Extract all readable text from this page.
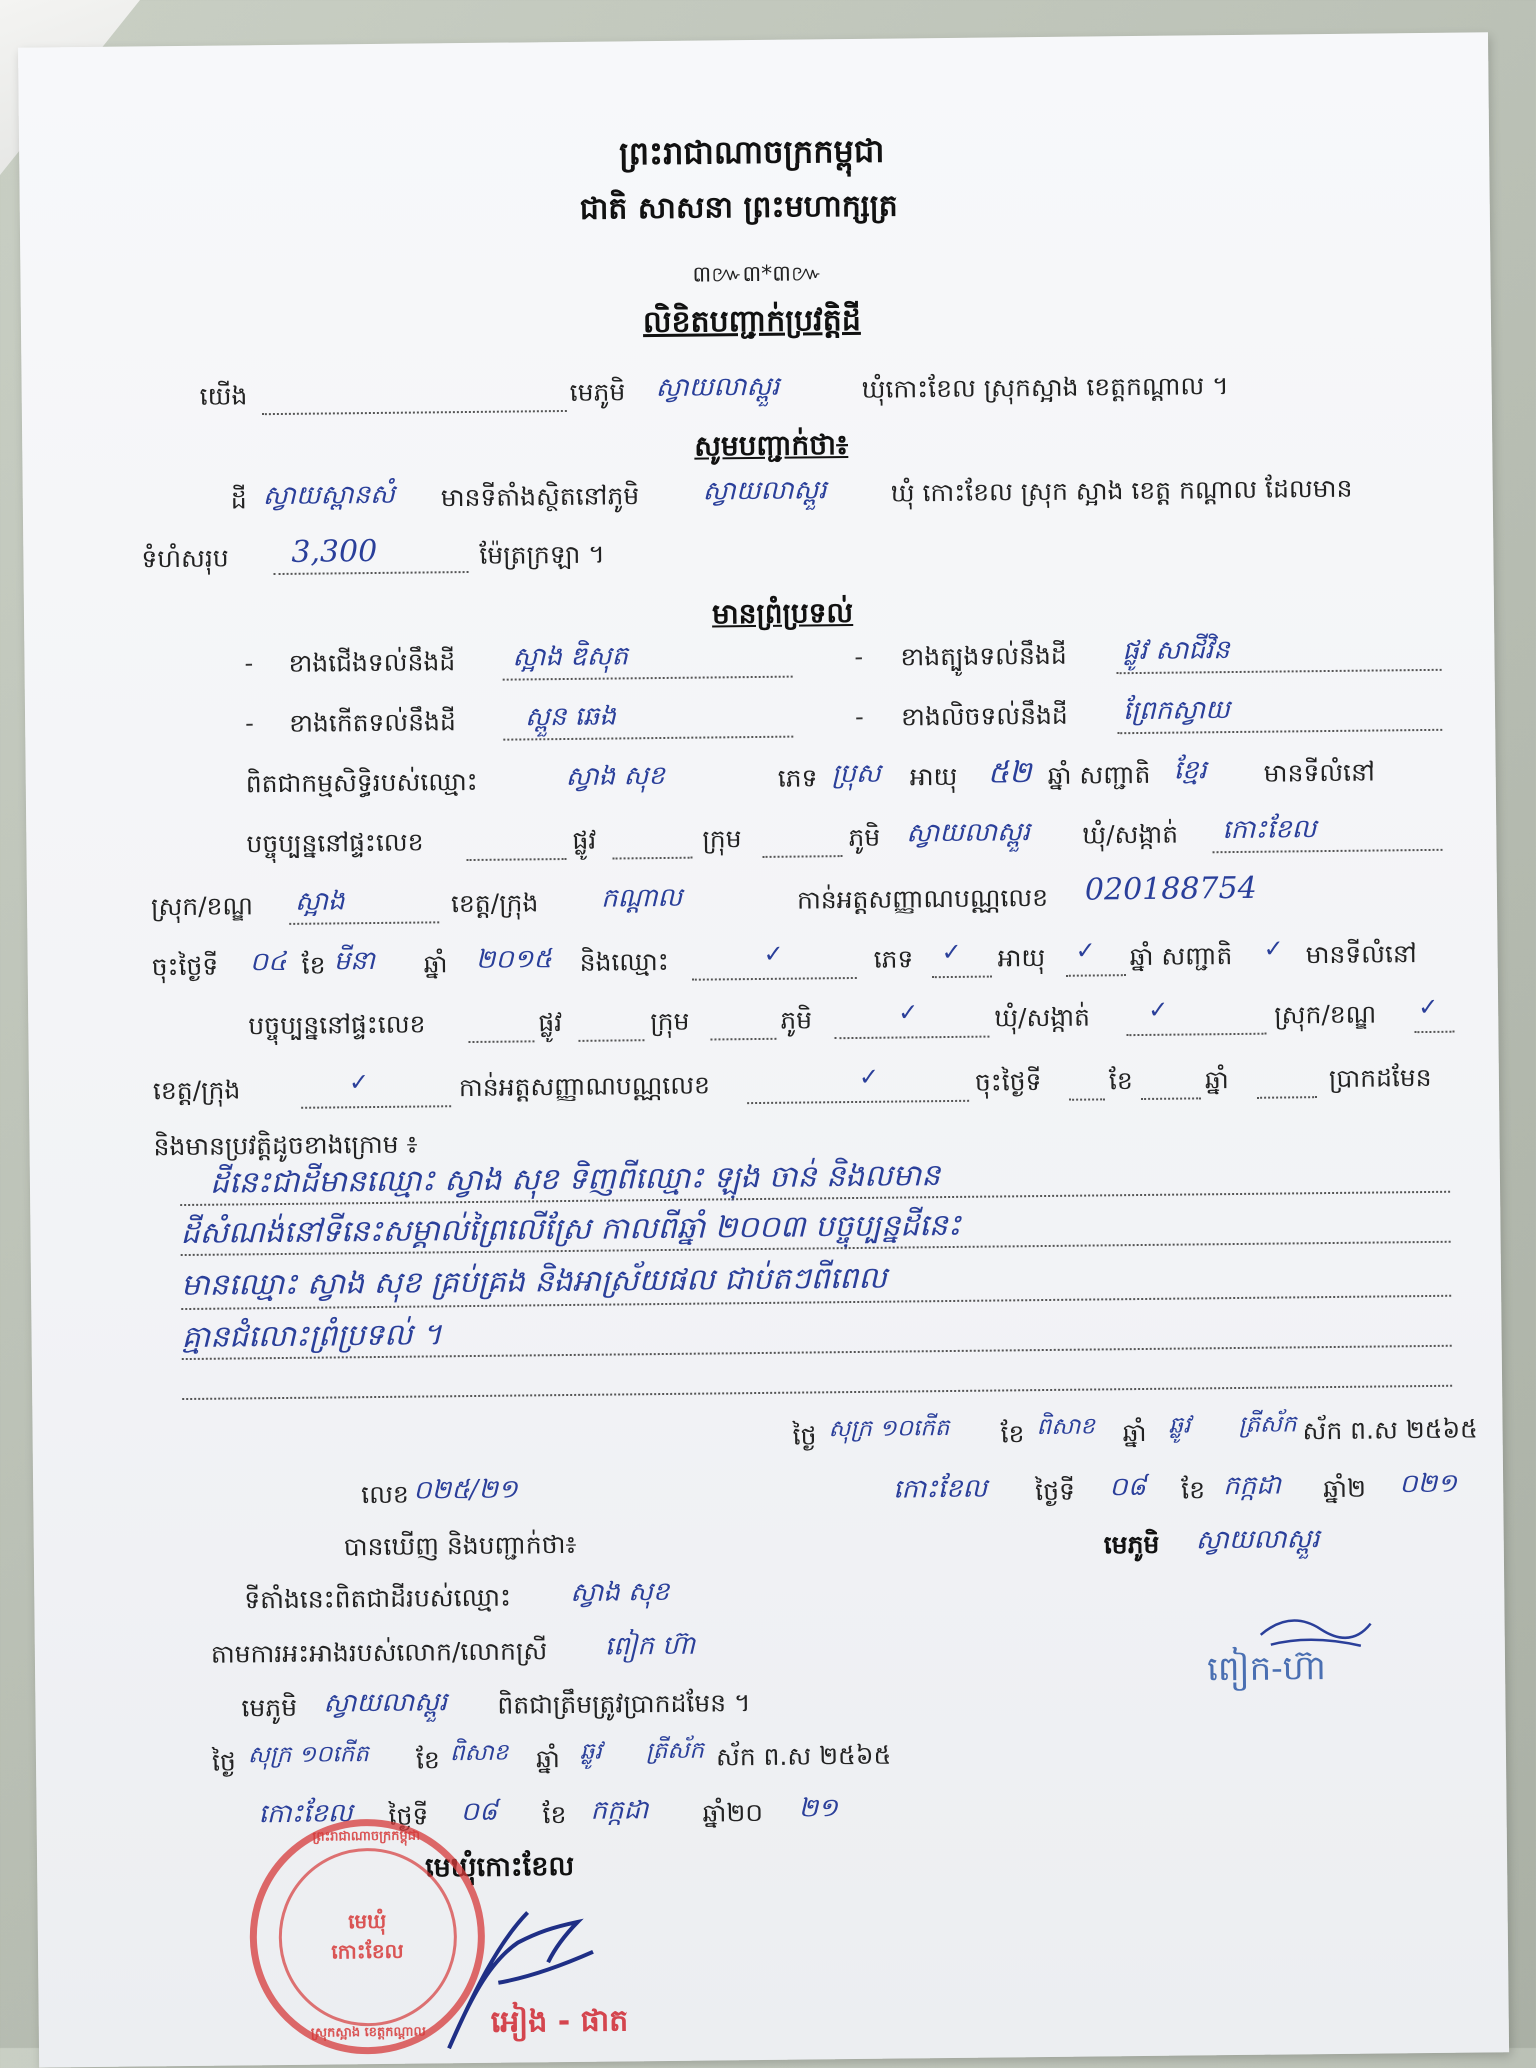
ព្រះរាជាណាចក្រកម្ពុជា
ជាតិ សាសនា ព្រះមហាក្សត្រ
៣៚៣*៣៚
លិខិតបញ្ជាក់ប្រវត្តិដី
យើង	មេភូមិ ស្វាយលាស្ពួរ	ឃុំកោះខែល ស្រុកស្អាង ខេត្តកណ្ដាល ។
សូមបញ្ជាក់ថា៖
ដី ស្វាយស្ពានសំ មានទីតាំងស្ថិតនៅភូមិ ស្វាយលាស្ពួរ	ឃុំ កោះខែល ស្រុក ស្អាង ខេត្ត កណ្ដាល ដែលមាន
ទំហំសរុប 3,300	ម៉ែត្រក្រឡា ។
មានព្រំប្រទល់
- ខាងជើងទល់នឹងដី ស្អាង ឌិសុត	- ខាងត្បូងទល់នឹងដី ផ្លូវ សាជីវិន
- ខាងកើតទល់នឹងដី	ស្ពួន ឆេង	- ខាងលិចទល់នឹងដី ព្រែកស្វាយ
ពិតជាកម្មសិទ្ធិរបស់ឈ្មោះ	ស្វាង សុខ	ភេទ ប្រុស អាយុ ៥២ ឆ្នាំ សញ្ជាតិ ខ្មែរ មានទីលំនៅ
បច្ចុប្បន្ននៅផ្ទះលេខ	ផ្លូវ	ក្រុម	ភូមិ ស្វាយលាស្ពួរ ឃុំ/សង្កាត់ កោះខែល
ស្រុក/ខណ្ឌ ស្អាង	ខេត្ត/ក្រុង កណ្ដាល	កាន់អត្តសញ្ញាណបណ្ណលេខ 020188754
ចុះថ្ងៃទី ០៤ ខែ មីនា ឆ្នាំ ២០១៥ និងឈ្មោះ	✓	ភេទ ✓ អាយុ ✓ ឆ្នាំ សញ្ជាតិ ✓ មានទីលំនៅ
បច្ចុប្បន្ននៅផ្ទះលេខ	ផ្លូវ	ក្រុម	ភូមិ	✓	ឃុំ/សង្កាត់ ✓	ស្រុក/ខណ្ឌ ✓
ខេត្ត/ក្រុង	✓	កាន់អត្តសញ្ញាណបណ្ណលេខ	✓	ចុះថ្ងៃទី	ខែ	ឆ្នាំ	ប្រាកដមែន
និងមានប្រវត្តិដូចខាងក្រោម ៖
ដីនេះជាដីមានឈ្មោះ ស្វាង សុខ ទិញពីឈ្មោះ ឡុង ចាន់ និងលមាន
ដីសំណង់នៅទីនេះសម្គាល់ព្រៃលើស្រែ កាលពីឆ្នាំ ២០០៣ បច្ចុប្បន្នដីនេះ
មានឈ្មោះ ស្វាង សុខ គ្រប់គ្រង និងអាស្រ័យផល ជាប់តៗពីពេល
គ្មានជំលោះព្រំប្រទល់ ។
ថ្ងៃ សុក្រ ១០កើត ខែ ពិសាខ ឆ្នាំ ឆ្លូវ ត្រីស័ក ស័ក ព.ស ២៥៦៥
កោះខែល ថ្ងៃទី ០៨ ខែ កក្កដា ឆ្នាំ២ ០២១
មេភូមិ ស្វាយលាស្ពួរ
ពៀក-ហ៊ា
លេខ ០២៥/២១
បានឃើញ និងបញ្ជាក់ថា៖
ទីតាំងនេះពិតជាដីរបស់ឈ្មោះ ស្វាង សុខ
តាមការអះអាងរបស់លោក/លោកស្រី ពៀក ហ៊ា
មេភូមិ ស្វាយលាស្ពួរ ពិតជាត្រឹមត្រូវប្រាកដមែន ។
ថ្ងៃ សុក្រ ១០កើត ខែ ពិសាខ ឆ្នាំ ឆ្លូវ ត្រីស័ក ស័ក ព.ស ២៥៦៥
កោះខែល ថ្ងៃទី ០៨ ខែ កក្កដា ឆ្នាំ២០ ២១
មេឃុំកោះខែល
ព្រះរាជាណាចក្រកម្ពុជា
មេឃុំ
កោះខែល
ស្រុកស្អាង ខេត្តកណ្ដាល	អៀង - ផាត
